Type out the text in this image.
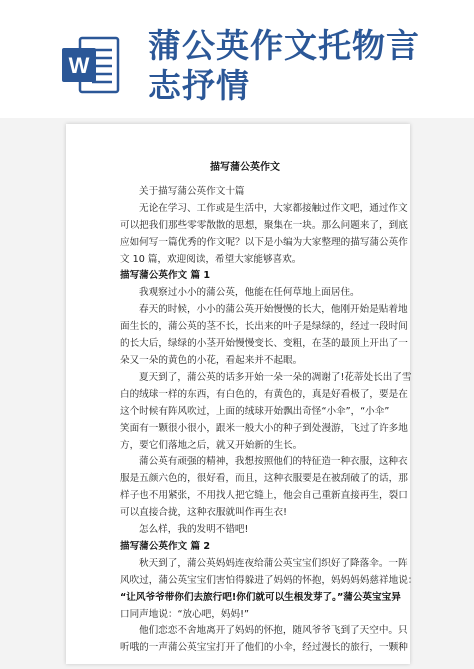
W
蒲公英作文托物言
志抒情
描写蒲公英作文
关于描写蒲公英作文十篇
无论在学习、工作或是生活中，大家都接触过作文吧，通过作文
可以把我们那些零零散散的思想，聚集在一块。那么问题来了，到底
应如何写一篇优秀的作文呢？以下是小编为大家整理的描写蒲公英作
文 10 篇，欢迎阅读，希望大家能够喜欢。
描写蒲公英作文 篇 1
我观察过小小的蒲公英，他能在任何草地上面居住。
春天的时候，小小的蒲公英开始慢慢的长大，他刚开始是贴着地
面生长的，蒲公英的茎不长，长出来的叶子是绿绿的，经过一段时间
的长大后，绿绿的小茎开始慢慢变长、变粗，在茎的最顶上开出了一
朵又一朵的黄色的小花，看起来并不起眼。
夏天到了，蒲公英的话多开始一朵一朵的凋谢了!花蒂处长出了雪
白的绒球一样的东西，有白色的，有黄色的，真是好看极了，要是在
这个时候有阵风吹过，上面的绒球开始飘出奇怪“小伞”，“小伞”
笑面有一颗很小很小，跟米一般大小的种子到处漫游，飞过了许多地
方，要它们落地之后，就又开始新的生长。
蒲公英有顽强的精神，我想按照他们的特征造一种衣服，这种衣
服是五颜六色的，很好看，而且，这种衣服要是在被刮破了的话，那
样子也不用紧张，不用找人把它缝上，他会自己重新直接再生，裂口
可以直接合拢，这种衣服就叫作再生衣!
怎么样，我的发明不错吧!
描写蒲公英作文 篇 2
秋天到了，蒲公英妈妈连夜给蒲公英宝宝们织好了降落伞。一阵
风吹过，蒲公英宝宝们害怕得躲进了妈妈的怀抱，妈妈妈妈慈祥地说：
“让风爷爷带你们去旅行吧!你们就可以生根发芽了。”蒲公英宝宝异
口同声地说：“放心吧，妈妈!”
他们恋恋不舍地离开了妈妈的怀抱，随风爷爷飞到了天空中。只
听哦的一声蒲公英宝宝打开了他们的小伞，经过漫长的旅行，一颗种
